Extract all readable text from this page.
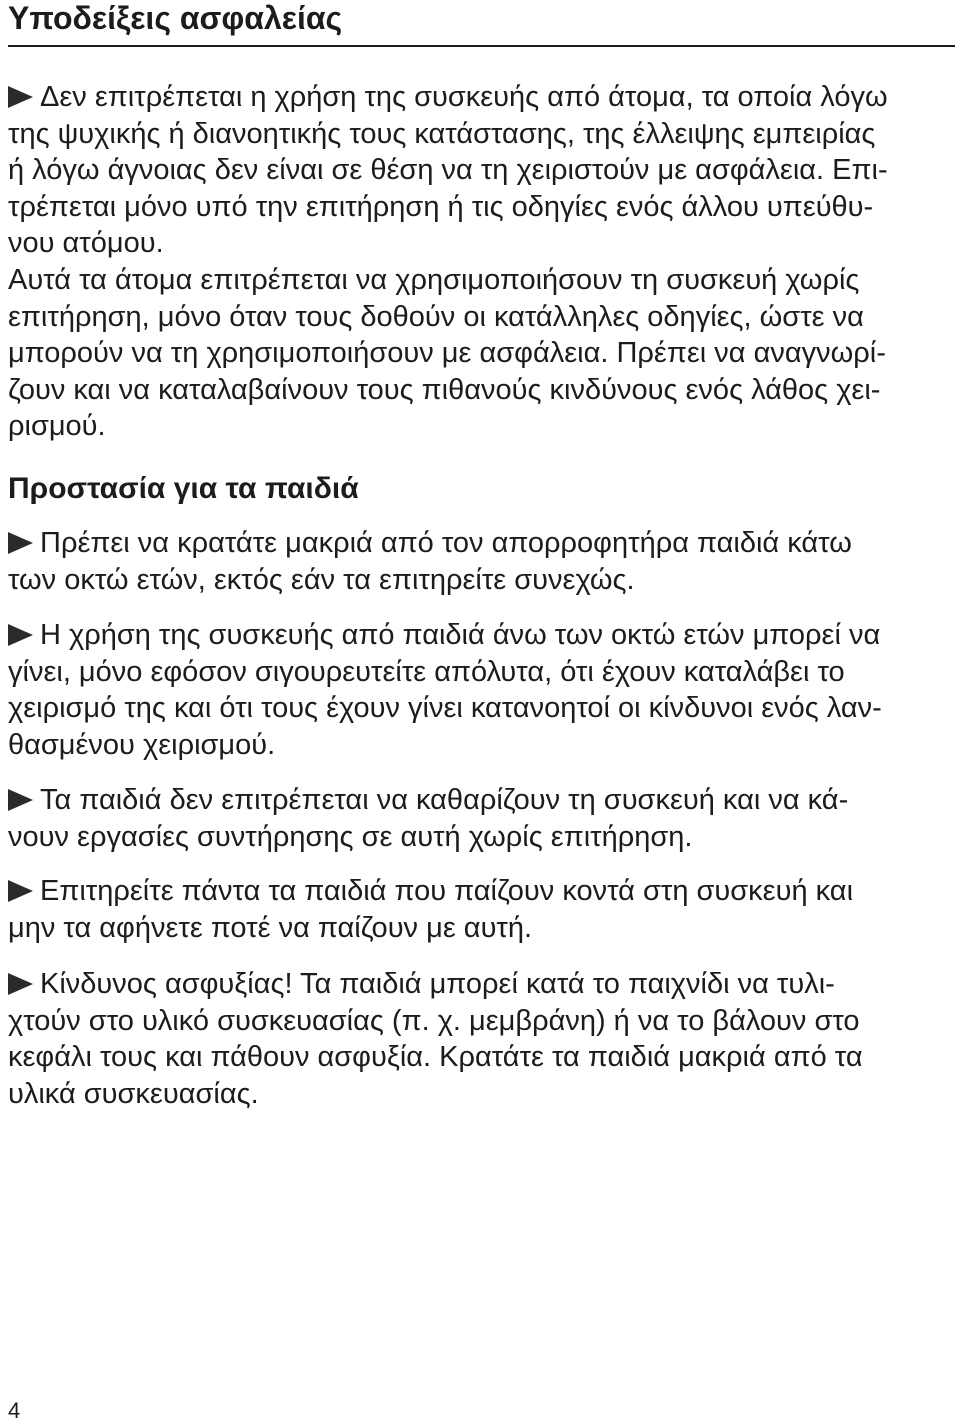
Υποδείξεις ασφαλείας
Δεν επιτρέπεται η χρήση της συσκευής από άτομα, τα οποία λόγω
της ψυχικής ή διανοητικής τους κατάστασης, της έλλειψης εμπειρίας
ή λόγω άγνοιας δεν είναι σε θέση να τη χειριστούν με ασφάλεια. Επι-
τρέπεται μόνο υπό την επιτήρηση ή τις οδηγίες ενός άλλου υπεύθυ-
νου ατόμου.
Αυτά τα άτομα επιτρέπεται να χρησιμοποιήσουν τη συσκευή χωρίς
επιτήρηση, μόνο όταν τους δοθούν οι κατάλληλες οδηγίες, ώστε να
μπορούν να τη χρησιμοποιήσουν με ασφάλεια. Πρέπει να αναγνωρί-
ζουν και να καταλαβαίνουν τους πιθανούς κινδύνους ενός λάθος χει-
ρισμού.
Προστασία για τα παιδιά
Πρέπει να κρατάτε μακριά από τον απορροφητήρα παιδιά κάτω
των οκτώ ετών, εκτός εάν τα επιτηρείτε συνεχώς.
Η χρήση της συσκευής από παιδιά άνω των οκτώ ετών μπορεί να
γίνει, μόνο εφόσον σιγουρευτείτε απόλυτα, ότι έχουν καταλάβει το
χειρισμό της και ότι τους έχουν γίνει κατανοητοί οι κίνδυνοι ενός λαν-
θασμένου χειρισμού.
Τα παιδιά δεν επιτρέπεται να καθαρίζουν τη συσκευή και να κά-
νουν εργασίες συντήρησης σε αυτή χωρίς επιτήρηση.
Επιτηρείτε πάντα τα παιδιά που παίζουν κοντά στη συσκευή και
μην τα αφήνετε ποτέ να παίζουν με αυτή.
Κίνδυνος ασφυξίας! Τα παιδιά μπορεί κατά το παιχνίδι να τυλι-
χτούν στο υλικό συσκευασίας (π. χ. μεμβράνη) ή να το βάλουν στο
κεφάλι τους και πάθουν ασφυξία. Κρατάτε τα παιδιά μακριά από τα
υλικά συσκευασίας.
4
